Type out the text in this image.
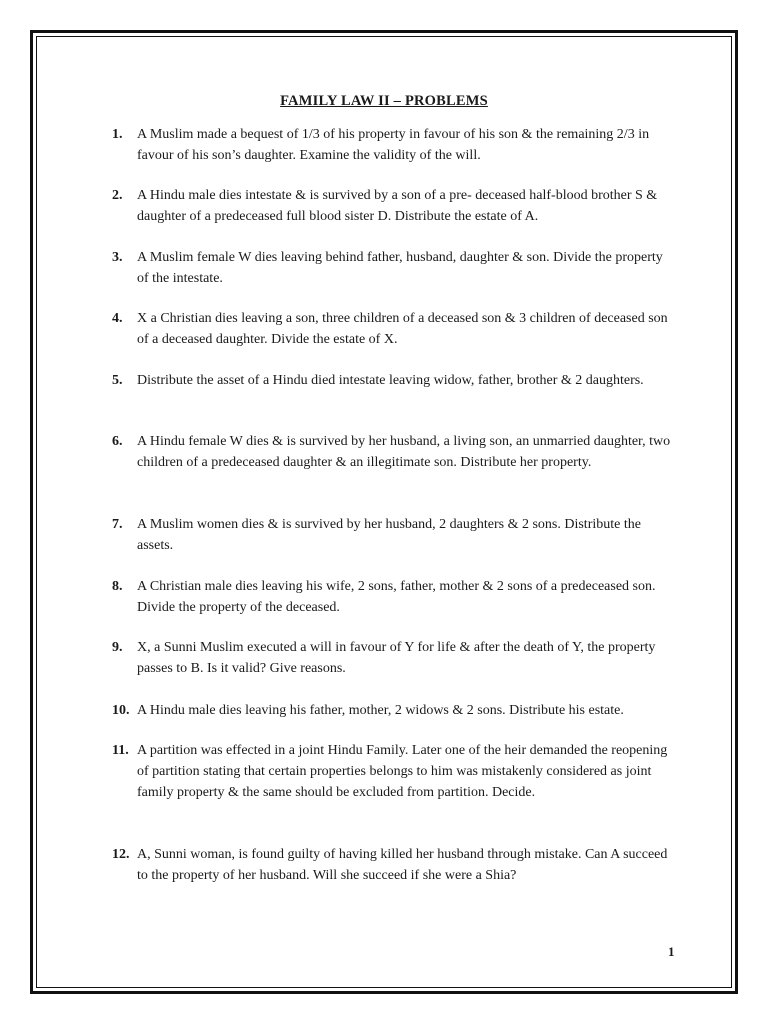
FAMILY LAW II – PROBLEMS
1. A Muslim made a bequest of 1/3 of his property in favour of his son & the remaining 2/3 in favour of his son’s daughter. Examine the validity of the will.
2. A Hindu male dies intestate & is survived by a son of a pre- deceased half-blood brother S & daughter of a predeceased full blood sister D. Distribute the estate of A.
3. A Muslim female W dies leaving behind father, husband, daughter & son. Divide the property of the intestate.
4. X a Christian dies leaving a son, three children of a deceased son & 3 children of deceased son of a deceased daughter. Divide the estate of X.
5. Distribute the asset of a Hindu died intestate leaving widow, father, brother & 2 daughters.
6. A Hindu female W dies & is survived by her husband, a living son, an unmarried daughter, two children of a predeceased daughter & an illegitimate son. Distribute her property.
7. A Muslim women dies & is survived by her husband, 2 daughters & 2 sons. Distribute the assets.
8. A Christian male dies leaving his wife, 2 sons, father, mother & 2 sons of a predeceased son. Divide the property of the deceased.
9. X, a Sunni Muslim executed a will in favour of Y for life & after the death of Y, the property passes to B. Is it valid? Give reasons.
10. A Hindu male dies leaving his father, mother, 2 widows & 2 sons. Distribute his estate.
11. A partition was effected in a joint Hindu Family. Later one of the heir demanded the reopening of partition stating that certain properties belongs to him was mistakenly considered as joint family property & the same should be excluded from partition. Decide.
12. A, Sunni woman, is found guilty of having killed her husband through mistake. Can A succeed to the property of her husband. Will she succeed if she were a Shia?
1
